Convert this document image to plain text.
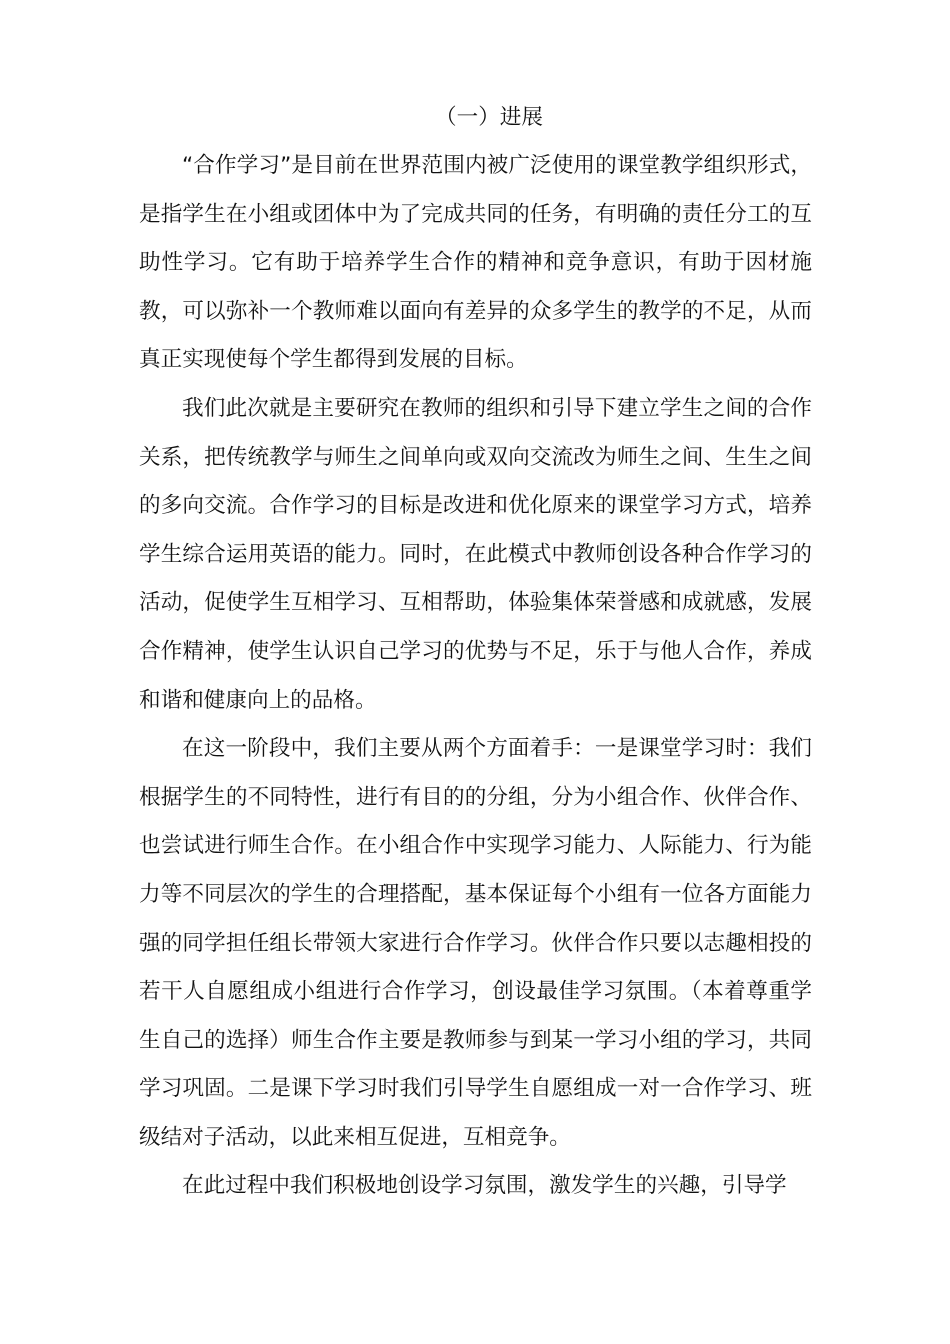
（一）进展

“合作学习”是目前在世界范围内被广泛使用的课堂教学组织形式，是指学生在小组或团体中为了完成共同的任务，有明确的责任分工的互助性学习。它有助于培养学生合作的精神和竞争意识，有助于因材施教，可以弥补一个教师难以面向有差异的众多学生的教学的不足，从而真正实现使每个学生都得到发展的目标。

我们此次就是主要研究在教师的组织和引导下建立学生之间的合作关系，把传统教学与师生之间单向或双向交流改为师生之间、生生之间的多向交流。合作学习的目标是改进和优化原来的课堂学习方式，培养学生综合运用英语的能力。同时，在此模式中教师创设各种合作学习的活动，促使学生互相学习、互相帮助，体验集体荣誉感和成就感，发展合作精神，使学生认识自己学习的优势与不足，乐于与他人合作，养成和谐和健康向上的品格。

在这一阶段中，我们主要从两个方面着手：一是课堂学习时：我们根据学生的不同特性，进行有目的的分组，分为小组合作、伙伴合作、也尝试进行师生合作。在小组合作中实现学习能力、人际能力、行为能力等不同层次的学生的合理搭配，基本保证每个小组有一位各方面能力强的同学担任组长带领大家进行合作学习。伙伴合作只要以志趣相投的若干人自愿组成小组进行合作学习，创设最佳学习氛围。（本着尊重学生自己的选择）师生合作主要是教师参与到某一学习小组的学习，共同学习巩固。二是课下学习时我们引导学生自愿组成一对一合作学习、班级结对子活动，以此来相互促进，互相竞争。

在此过程中我们积极地创设学习氛围，激发学生的兴趣，引导学
